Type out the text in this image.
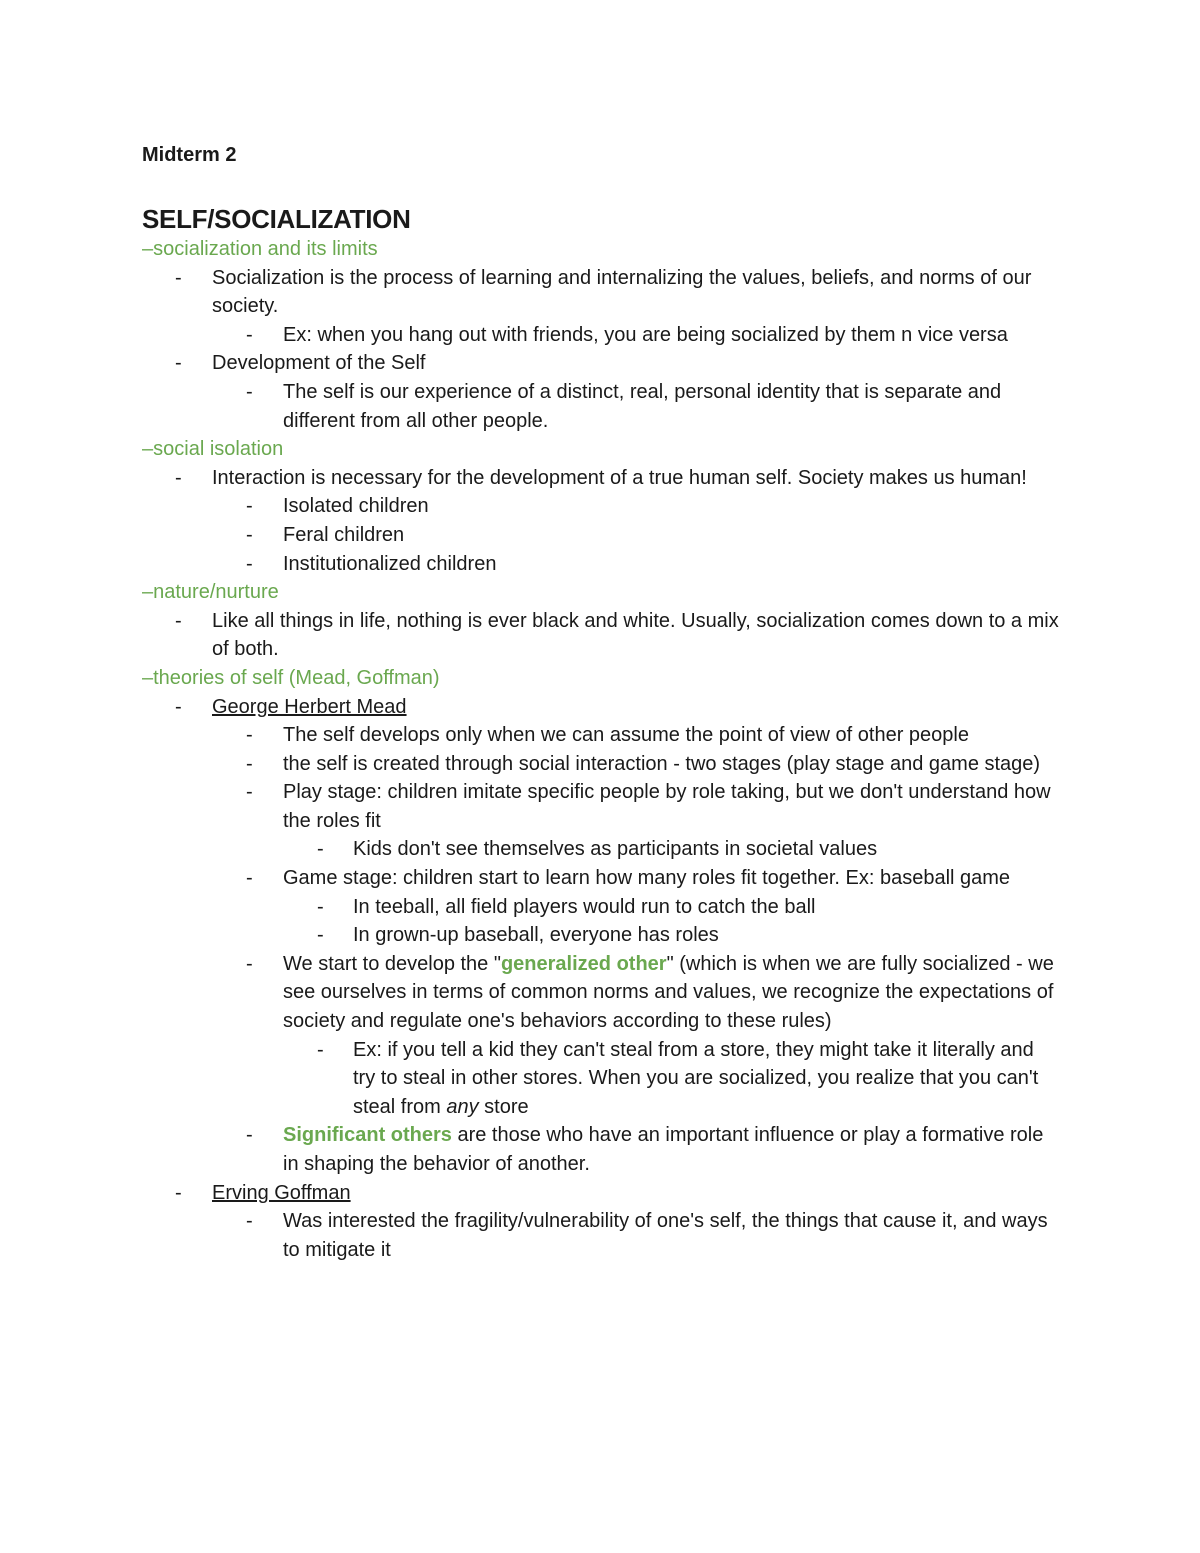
Midterm 2

SELF/SOCIALIZATION

–socialization and its limits

-	Socialization is the process of learning and internalizing the values, beliefs, and norms of our society.
-	Ex: when you hang out with friends, you are being socialized by them n vice versa
-	Development of the Self
-	The self is our experience of a distinct, real, personal identity that is separate and different from all other people.

–social isolation

-	Interaction is necessary for the development of a true human self. Society makes us human!
-	Isolated children
-	Feral children
-	Institutionalized children

–nature/nurture

-	Like all things in life, nothing is ever black and white. Usually, socialization comes down to a mix of both.

–theories of self (Mead, Goffman)

-	George Herbert Mead
-	The self develops only when we can assume the point of view of other people
-	the self is created through social interaction - two stages (play stage and game stage)
-	Play stage: children imitate specific people by role taking, but we don't understand how the roles fit
-	Kids don't see themselves as participants in societal values
-	Game stage: children start to learn how many roles fit together. Ex: baseball game
-	In teeball, all field players would run to catch the ball
-	In grown-up baseball, everyone has roles
-	We start to develop the "generalized other" (which is when we are fully socialized - we see ourselves in terms of common norms and values, we recognize the expectations of society and regulate one's behaviors according to these rules)
-	Ex: if you tell a kid they can't steal from a store, they might take it literally and try to steal in other stores. When you are socialized, you realize that you can't steal from any store
-	Significant others are those who have an important influence or play a formative role in shaping the behavior of another.
-	Erving Goffman
-	Was interested the fragility/vulnerability of one's self, the things that cause it, and ways to mitigate it
